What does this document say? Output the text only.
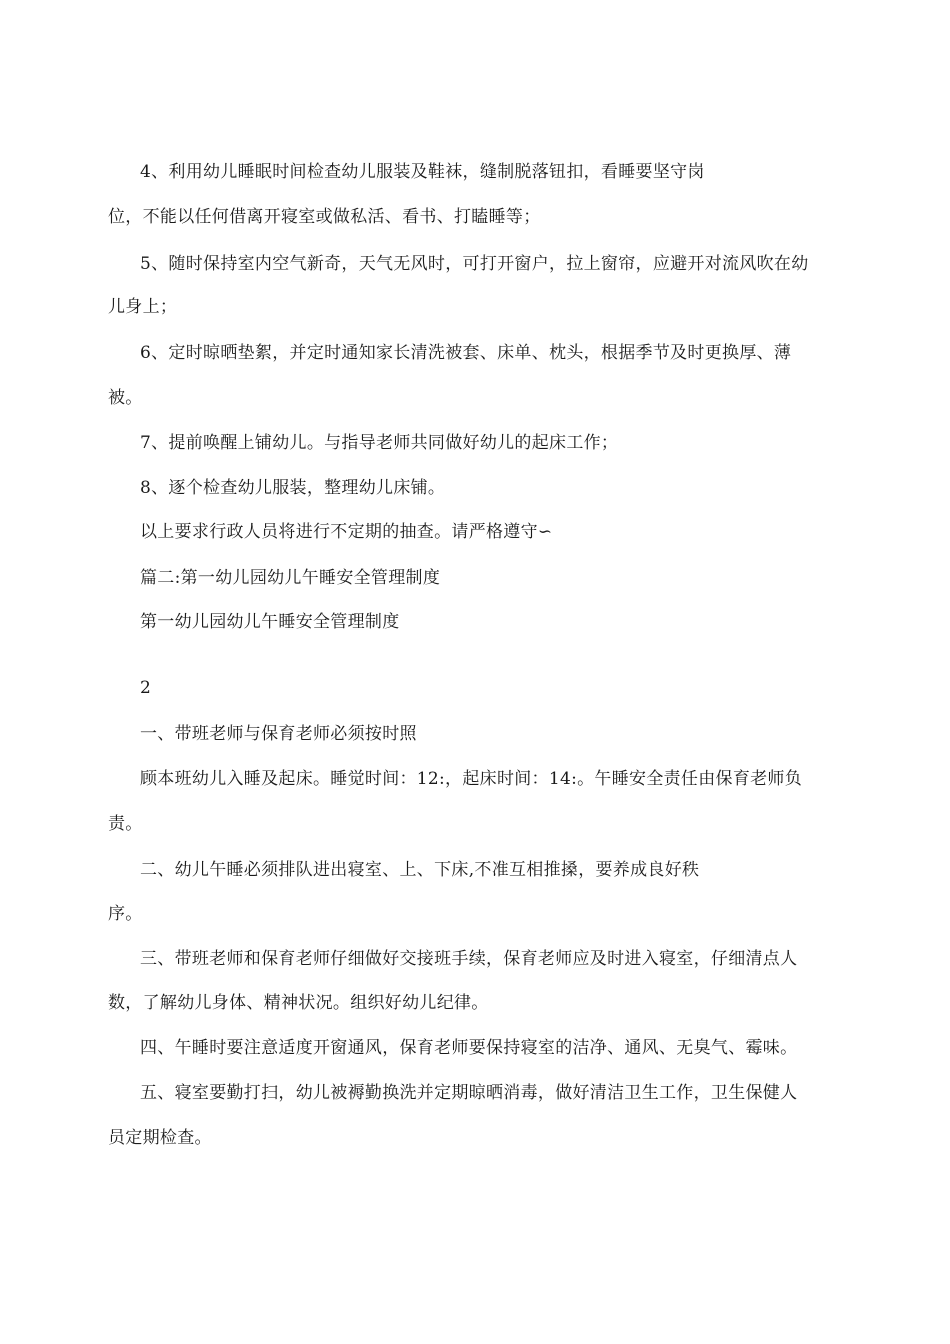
4、利用幼儿睡眠时间检查幼儿服装及鞋袜，缝制脱落钮扣，看睡要坚守岗

位，不能以任何借离开寝室或做私活、看书、打瞌睡等；

5、随时保持室内空气新奇，天气无风时，可打开窗户，拉上窗帘，应避开对流风吹在幼

儿身上；

6、定时晾晒垫絮，并定时通知家长清洗被套、床单、枕头，根据季节及时更换厚、薄

被。

7、提前唤醒上铺幼儿。与指导老师共同做好幼儿的起床工作；

8、逐个检查幼儿服装，整理幼儿床铺。

以上要求行政人员将进行不定期的抽查。请严格遵守∽

篇二:第一幼儿园幼儿午睡安全管理制度

第一幼儿园幼儿午睡安全管理制度

2

一、带班老师与保育老师必须按时照

顾本班幼儿入睡及起床。睡觉时间：12:，起床时间：14:。午睡安全责任由保育老师负

责。

二、幼儿午睡必须排队进出寝室、上、下床,不准互相推搡，要养成良好秩

序。

三、带班老师和保育老师仔细做好交接班手续，保育老师应及时进入寝室，仔细清点人

数，了解幼儿身体、精神状况。组织好幼儿纪律。

四、午睡时要注意适度开窗通风，保育老师要保持寝室的洁净、通风、无臭气、霉味。

五、寝室要勤打扫，幼儿被褥勤换洗并定期晾晒消毒，做好清洁卫生工作，卫生保健人

员定期检查。
